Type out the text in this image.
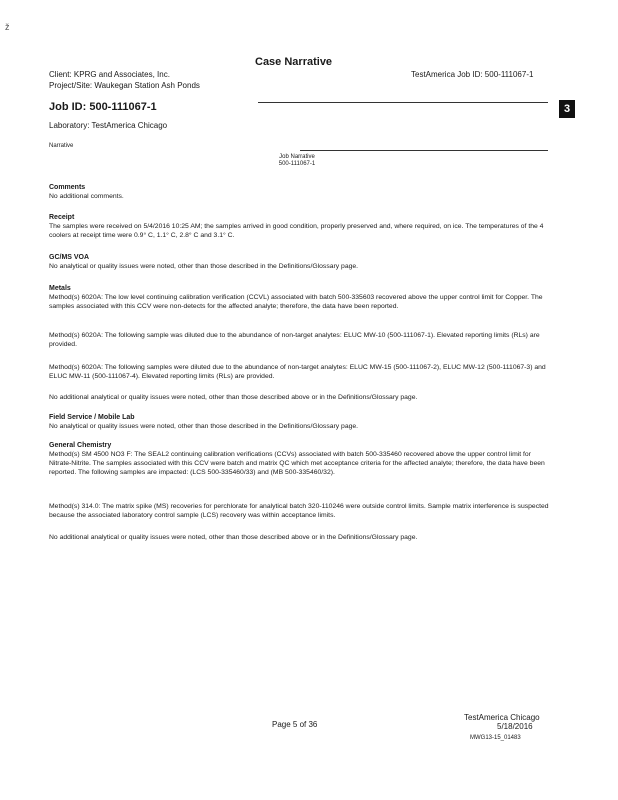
ž
Case Narrative
Client: KPRG and Associates, Inc.
Project/Site: Waukegan Station Ash Ponds
TestAmerica Job ID: 500-111067-1
Job ID: 500-111067-1	3
Laboratory: TestAmerica Chicago
Narrative
Job Narrative
500-111067-1
Comments

No additional comments.

Receipt

The samples were received on 5/4/2016 10:25 AM; the samples arrived in good condition, properly preserved and, where required, on ice. The temperatures of the 4 coolers at receipt time were 0.9° C, 1.1° C, 2.8° C and 3.1° C.

GC/MS VOA

No analytical or quality issues were noted, other than those described in the Definitions/Glossary page.

Metals

Method(s) 6020A: The low level continuing calibration verification (CCVL) associated with batch 500-335603 recovered above the upper control limit for Copper. The samples associated with this CCV were non-detects for the affected analyte; therefore, the data have been reported.

Method(s) 6020A: The following sample was diluted due to the abundance of non-target analytes: ELUC MW-10 (500-111067-1). Elevated reporting limits (RLs) are provided.

Method(s) 6020A: The following samples were diluted due to the abundance of non-target analytes: ELUC MW-15 (500-111067-2), ELUC MW-12 (500-111067-3) and ELUC MW-11 (500-111067-4). Elevated reporting limits (RLs) are provided.

No additional analytical or quality issues were noted, other than those described above or in the Definitions/Glossary page.

Field Service / Mobile Lab

No analytical or quality issues were noted, other than those described in the Definitions/Glossary page.

General Chemistry

Method(s) SM 4500 NO3 F: The SEAL2 continuing calibration verifications (CCVs) associated with batch 500-335460 recovered above the upper control limit for Nitrate-Nitrite. The samples associated with this CCV were batch and matrix QC which met acceptance criteria for the affected analyte; therefore, the data have been reported. The following samples are impacted: (LCS 500-335460/33) and (MB 500-335460/32).

Method(s) 314.0: The matrix spike (MS) recoveries for perchlorate for analytical batch 320-110246 were outside control limits. Sample matrix interference is suspected because the associated laboratory control sample (LCS) recovery was within acceptance limits.

No additional analytical or quality issues were noted, other than those described above or in the Definitions/Glossary page.

Page 5 of 36
TestAmerica Chicago
5/18/2016
MWG13-15_01483
